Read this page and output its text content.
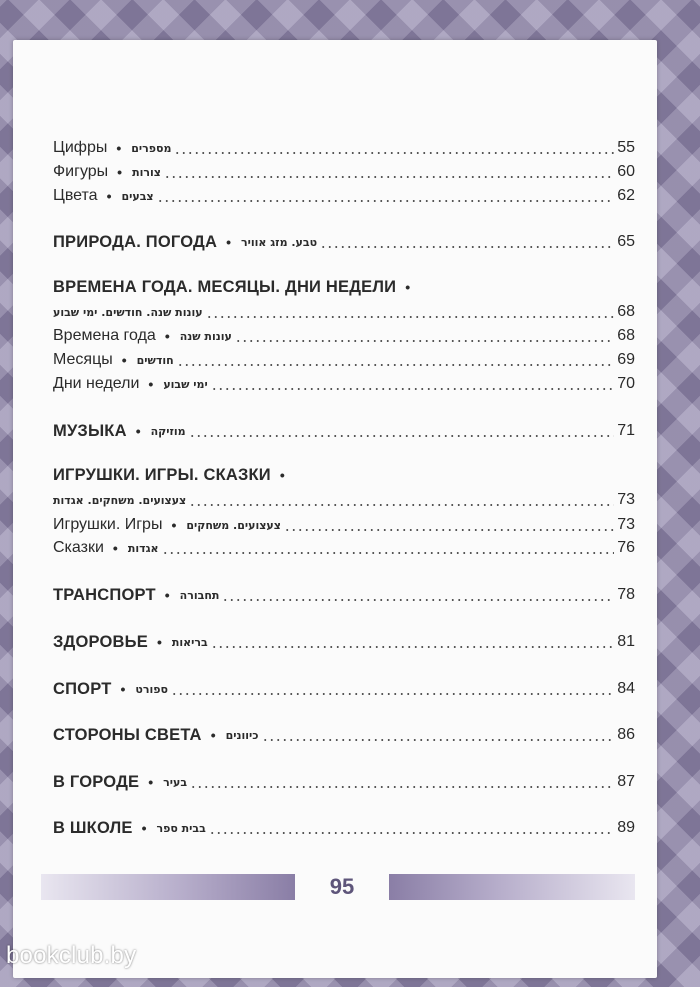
Цифры • מספרים	55
Фигуры • צורות	60
Цвета • צבעים	62
ПРИРОДА. ПОГОДА • טבע. מזג אוויר	65
ВРЕМЕНА ГОДА. МЕСЯЦЫ. ДНИ НЕДЕЛИ •
עונות שנה. חודשים. ימי שבוע	68
Времена года • עונות שנה	68
Месяцы • חודשים	69
Дни недели • ימי שבוע	70
МУЗЫКА • מוזיקה	71
ИГРУШКИ. ИГРЫ. СКАЗКИ •
צעצועים. משחקים. אגדות	73
Игрушки. Игры • צעצועים. משחקים	73
Сказки • אגדות	76
ТРАНСПОРТ • תחבורה	78
ЗДОРОВЬЕ • בריאות	81
СПОРТ • ספורט	84
СТОРОНЫ СВЕТА • כיוונים	86
В ГОРОДЕ • בעיר	87
В ШКОЛЕ • בבית ספר	89
95
bookclub.by
